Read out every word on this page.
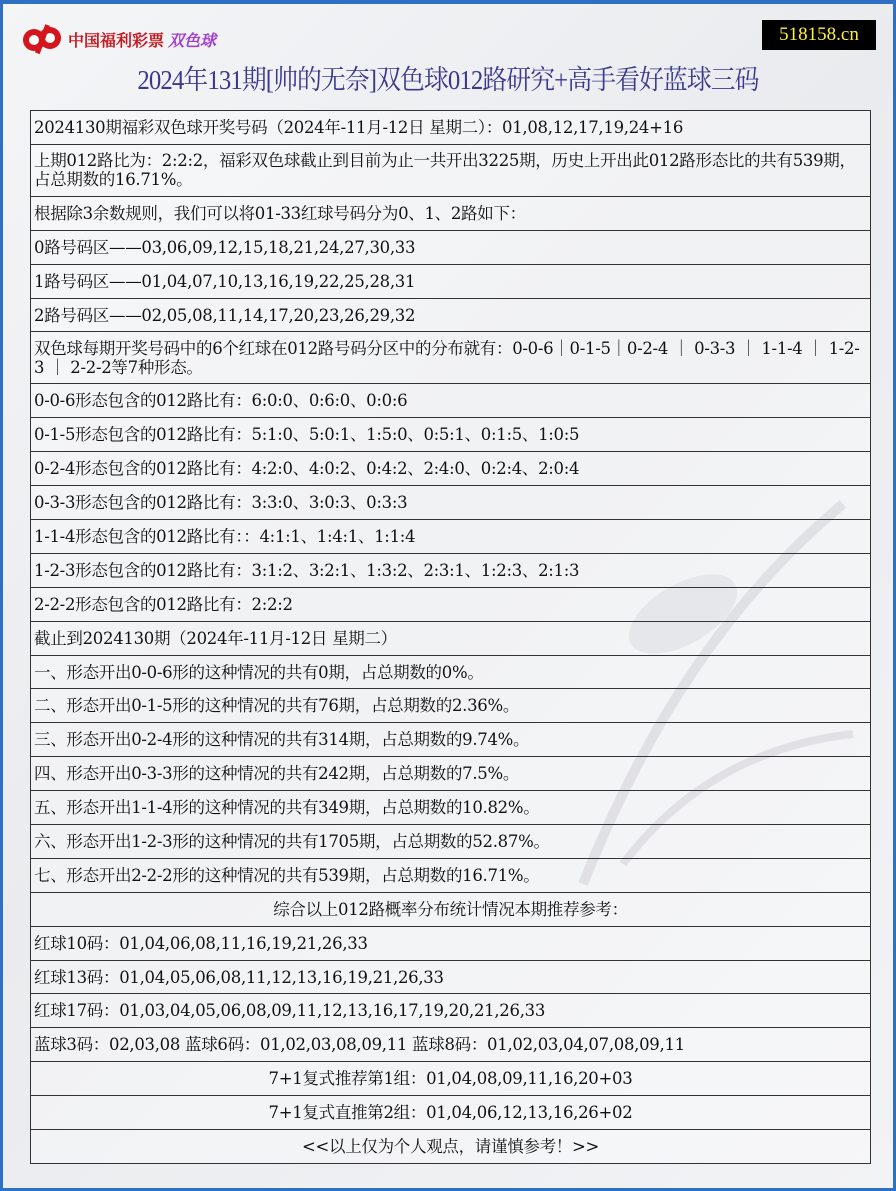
中国福利彩票 双色球	518158.cn
2024年131期[帅的无奈]双色球012路研究+高手看好蓝球三码
2024130期福彩双色球开奖号码（2024年-11月-12日 星期二）：01,08,12,17,19,24+16
上期012路比为：2:2:2，福彩双色球截止到目前为止一共开出3225期，历史上开出此012路形态比的共有539期，占总期数的16.71%。
根据除3余数规则，我们可以将01-33红球号码分为0、1、2路如下：
0路号码区——03,06,09,12,15,18,21,24,27,30,33
1路号码区——01,04,07,10,13,16,19,22,25,28,31
2路号码区——02,05,08,11,14,17,20,23,26,29,32
双色球每期开奖号码中的6个红球在012路号码分区中的分布就有：0-0-6｜0-1-5｜0-2-4 ｜ 0-3-3 ｜ 1-1-4 ｜ 1-2-3 ｜ 2-2-2等7种形态。
0-0-6形态包含的012路比有：6:0:0、0:6:0、0:0:6
0-1-5形态包含的012路比有：5:1:0、5:0:1、1:5:0、0:5:1、0:1:5、1:0:5
0-2-4形态包含的012路比有：4:2:0、4:0:2、0:4:2、2:4:0、0:2:4、2:0:4
0-3-3形态包含的012路比有：3:3:0、3:0:3、0:3:3
1-1-4形态包含的012路比有：：4:1:1、1:4:1、1:1:4
1-2-3形态包含的012路比有：3:1:2、3:2:1、1:3:2、2:3:1、1:2:3、2:1:3
2-2-2形态包含的012路比有：2:2:2
截止到2024130期（2024年-11月-12日 星期二）
一、形态开出0-0-6形的这种情况的共有0期，占总期数的0%。
二、形态开出0-1-5形的这种情况的共有76期，占总期数的2.36%。
三、形态开出0-2-4形的这种情况的共有314期，占总期数的9.74%。
四、形态开出0-3-3形的这种情况的共有242期，占总期数的7.5%。
五、形态开出1-1-4形的这种情况的共有349期，占总期数的10.82%。
六、形态开出1-2-3形的这种情况的共有1705期，占总期数的52.87%。
七、形态开出2-2-2形的这种情况的共有539期，占总期数的16.71%。
综合以上012路概率分布统计情况本期推荐参考：
红球10码：01,04,06,08,11,16,19,21,26,33
红球13码：01,04,05,06,08,11,12,13,16,19,21,26,33
红球17码：01,03,04,05,06,08,09,11,12,13,16,17,19,20,21,26,33
蓝球3码：02,03,08 蓝球6码：01,02,03,08,09,11 蓝球8码：01,02,03,04,07,08,09,11
7+1复式推荐第1组：01,04,08,09,11,16,20+03
7+1复式直推第2组：01,04,06,12,13,16,26+02
<<以上仅为个人观点，请谨慎参考！>>
